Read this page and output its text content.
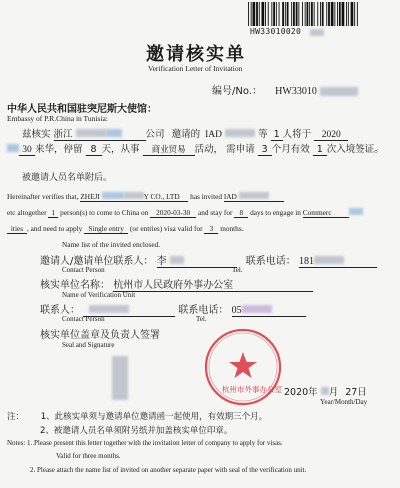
HW33010020
邀请核实单
Verification Letter of Invitation
编号/No.： HW33010
中华人民共和国驻突尼斯大使馆：
Embassy of P.R.China in Tunisia:
兹核实 浙江	公司 邀请的 IAD	等 1 人将于 2020
30 来华，停留 8 天，从事 商业贸易 活动， 需申请 3 个月有效 1 次入境签证。
被邀请人员名单附后。
Hereinafter verifies that, ZHEJI	Y CO., LTD has invited IAD
etc altogether 1 person(s) to come to China on 2020-03-30 and stay for 8 days to engage in Commerc
ities , and need to apply Single entry (or entries) visa valid for 3 months.
Name list of the invited enclosed.
邀请人/邀请单位联系人： 李	联系电话： 181
Contact Person	Tel.
核实单位名称： 杭州市人民政府外事办公室
Name of Verification Unit
联系人：	联系电话： 05
Contact Person	Tel.
核实单位盖章及负责人签署
Seal and Signature
杭州市外事办公室 2020年 月 27日
Year/Month/Day
注： 1、此核实单须与邀请单位邀请函一起使用，有效期三个月。
2、被邀请人员名单须附另纸并加盖核实单位印章。
Notes: 1. Please present this letter together with the invitation letter of company to apply for visas.
Valid for three months.
2. Please attach the name list of invited on another separate paper with seal of the verification unit.
